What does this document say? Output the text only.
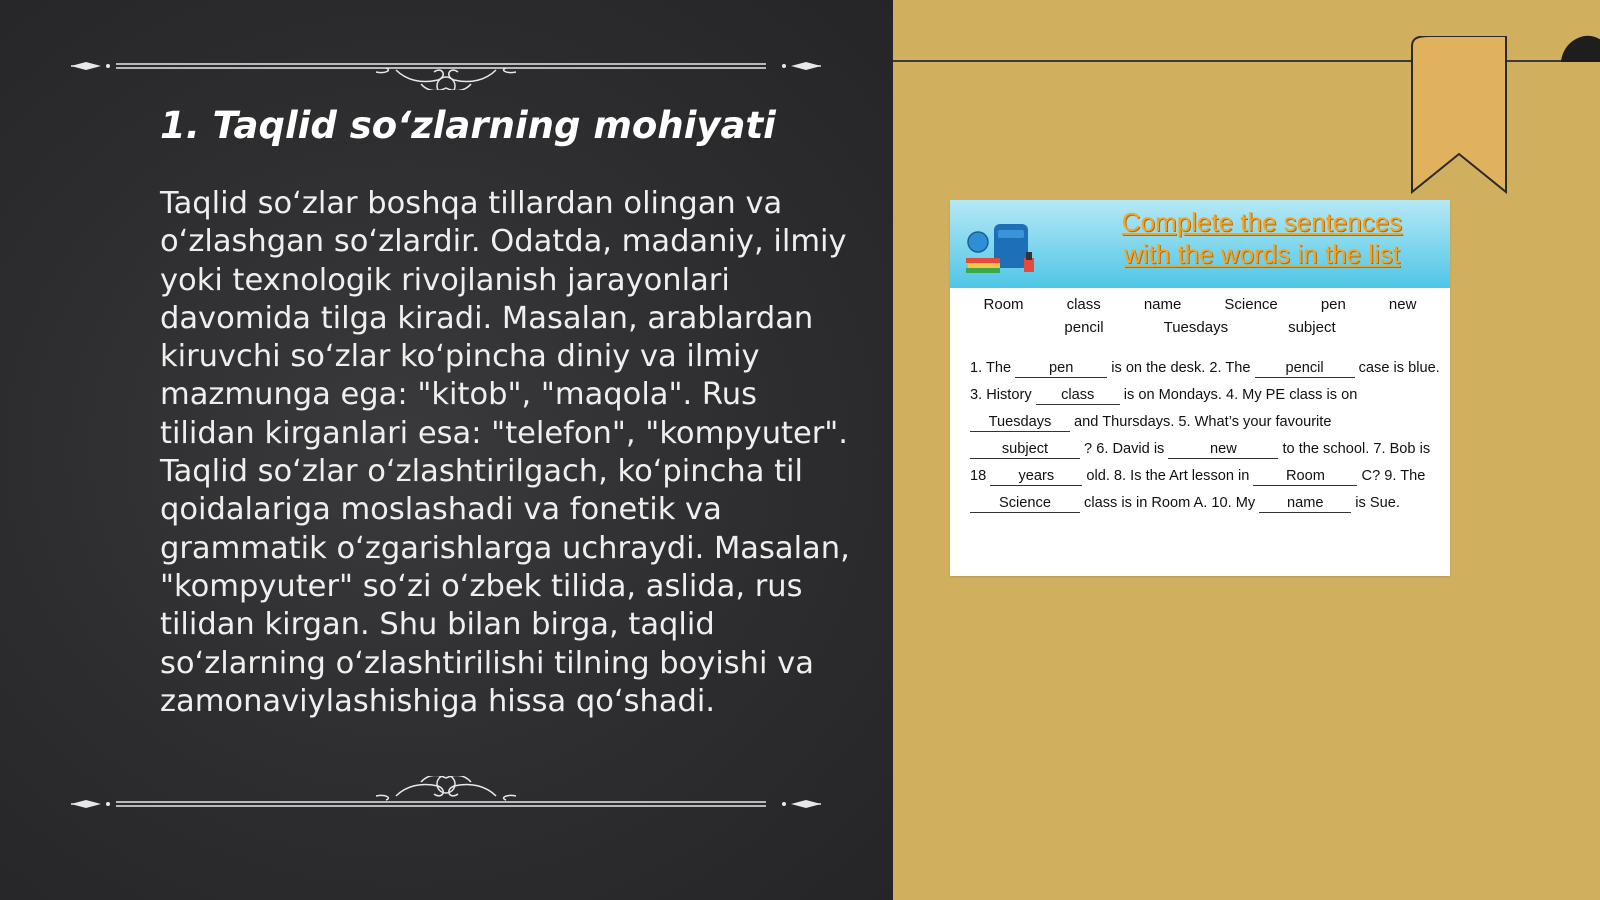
1. Taqlid so‘zlarning mohiyati

Taqlid so‘zlar boshqa tillardan olingan va o‘zlashgan so‘zlardir. Odatda, madaniy, ilmiy yoki texnologik rivojlanish jarayonlari davomida tilga kiradi. Masalan, arablardan kiruvchi so‘zlar ko‘pincha diniy va ilmiy mazmunga ega: "kitob", "maqola". Rus tilidan kirganlari esa: "telefon", "kompyuter". Taqlid so‘zlar o‘zlashtirilgach, ko‘pincha til qoidalariga moslashadi va fonetik va grammatik o‘zgarishlarga uchraydi. Masalan, "kompyuter" so‘zi o‘zbek tilida, aslida, rus tilidan kirgan. Shu bilan birga, taqlid so‘zlarning o‘zlashtirilishi tilning boyishi va zamonaviylashishiga hissa qo‘shadi.

Complete the sentences
with the words in the list
Room	class	name	Science	pen	new
pencil	Tuesdays	subject
1. The pen is on the desk. 2. The pencil case is blue. 3. History class is on Mondays. 4. My PE class is on Tuesdays and Thursdays. 5. What’s your favourite subject ? 6. David is	new	to the school. 7. Bob is 18 years old. 8. Is the Art lesson in Room C? 9. The Science class is in Room A. 10. My name is Sue.
